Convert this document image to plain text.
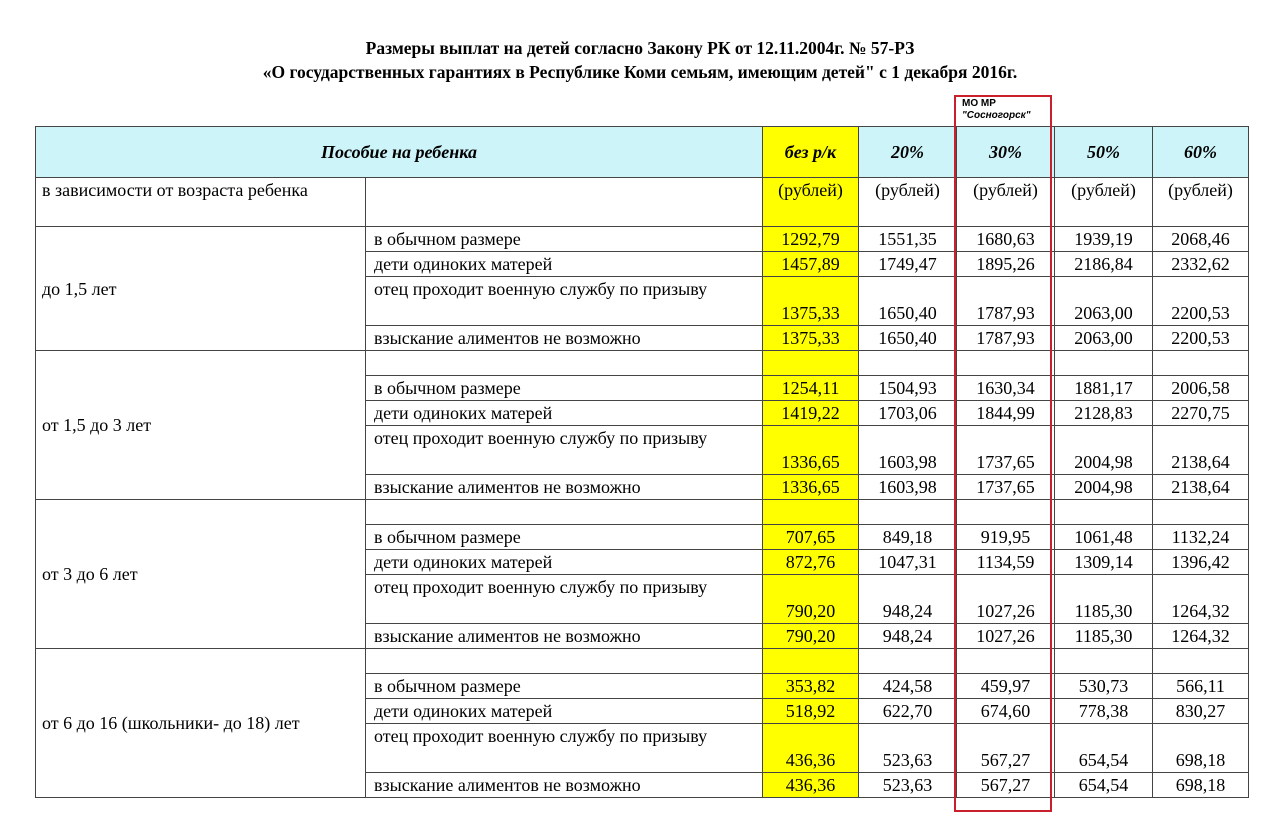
Размеры выплат на детей согласно Закону РК от 12.11.2004г. № 57-РЗ
«О государственных гарантиях в Республике Коми семьям, имеющим детей" с 1 декабря 2016г.
МО МР
"Сосногорск"
Пособие на ребенка		без р/к	20%	30%	50%	60%
в зависимости от возраста ребенка		(рублей)	(рублей)	(рублей)	(рублей)	(рублей)
до 1,5 лет	в обычном размере	1292,79	1551,35	1680,63	1939,19	2068,46
	дети одиноких матерей	1457,89	1749,47	1895,26	2186,84	2332,62
	отец проходит военную службу по призыву	1375,33	1650,40	1787,93	2063,00	2200,53
	взыскание алиментов не возможно	1375,33	1650,40	1787,93	2063,00	2200,53
от 1,5 до 3 лет						
	в обычном размере	1254,11	1504,93	1630,34	1881,17	2006,58
	дети одиноких матерей	1419,22	1703,06	1844,99	2128,83	2270,75
	отец проходит военную службу по призыву	1336,65	1603,98	1737,65	2004,98	2138,64
	взыскание алиментов не возможно	1336,65	1603,98	1737,65	2004,98	2138,64
от 3 до 6 лет						
	в обычном размере	707,65	849,18	919,95	1061,48	1132,24
	дети одиноких матерей	872,76	1047,31	1134,59	1309,14	1396,42
	отец проходит военную службу по призыву	790,20	948,24	1027,26	1185,30	1264,32
	взыскание алиментов не возможно	790,20	948,24	1027,26	1185,30	1264,32
от 6 до 16 (школьники- до 18) лет						
	в обычном размере	353,82	424,58	459,97	530,73	566,11
	дети одиноких матерей	518,92	622,70	674,60	778,38	830,27
	отец проходит военную службу по призыву	436,36	523,63	567,27	654,54	698,18
	взыскание алиментов не возможно	436,36	523,63	567,27	654,54	698,18
